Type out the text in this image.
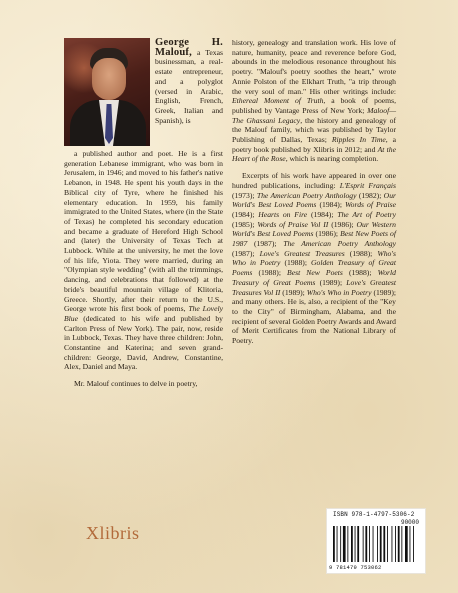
George H. Malouf, a Texas businessman, a real-estate entrepreneur, and a polyglot (versed in Arabic, English, French, Greek, Italian and Spanish), is

a published author and poet. He is a first generation Lebanese immigrant, who was born in Jerusalem, in 1946; and moved to his father's native Lebanon, in 1948. He spent his youth days in the Biblical city of Tyre, where he finished his elementary education. In 1959, his family immigrated to the United States, where (in the State of Texas) he completed his secondary education and became a graduate of Hereford High School and (later) the University of Texas Tech at Lubbock. While at the university, he met the love of his life, Yiota. They were married, during an "Olympian style wedding" (with all the trimmings, dancing, and celebrations that followed) at the bride's beautiful mountain village of Klitoria, Greece. Shortly, after their return to the U.S., George wrote his first book of poems, The Lovely Blue (dedicated to his wife and published by Carlton Press of New York). The pair, now, reside in Lubbock, Texas. They have three children: John, Constantine and Katerina; and seven grand-children: George, David, Andrew, Constantine, Alex, Daniel and Maya.

Mr. Malouf continues to delve in poetry,

history, genealogy and translation work. His love of nature, humanity, peace and reverence before God, abounds in the melodious resonance throughout his poetry. "Malouf's poetry soothes the heart," wrote Annie Polston of the Elkhart Truth, "a trip through the very soul of man." His other writings include: Ethereal Moment of Truth, a book of poems, published by Vantage Press of New York; Maloof—The Ghassani Legacy, the history and genealogy of the Malouf family, which was published by Taylor Publishing of Dallas, Texas; Ripples In Time, a poetry book published by Xlibris in 2012; and At the Heart of the Rose, which is nearing completion.

Excerpts of his work have appeared in over one hundred publications, including: L'Esprit Français (1973); The American Poetry Anthology (1982); Our World's Best Loved Poems (1984); Words of Praise (1984); Hearts on Fire (1984); The Art of Poetry (1985); Words of Praise Vol II (1986); Our Western World's Best Loved Poems (1986); Best New Poets of 1987 (1987); The American Poetry Anthology (1987); Love's Greatest Treasures (1988); Who's Who in Poetry (1988); Golden Treasury of Great Poems (1988); Best New Poets (1988); World Treasury of Great Poems (1989); Love's Greatest Treasures Vol II (1989); Who's Who in Poetry (1989); and many others. He is, also, a recipient of the "Key to the City" of Birmingham, Alabama, and the recipient of several Golden Poetry Awards and Award of Merit Certificates from the National Library of Poetry.

Xlibris
ISBN 978-1-4797-5306-2
90000
9 781479 753062
